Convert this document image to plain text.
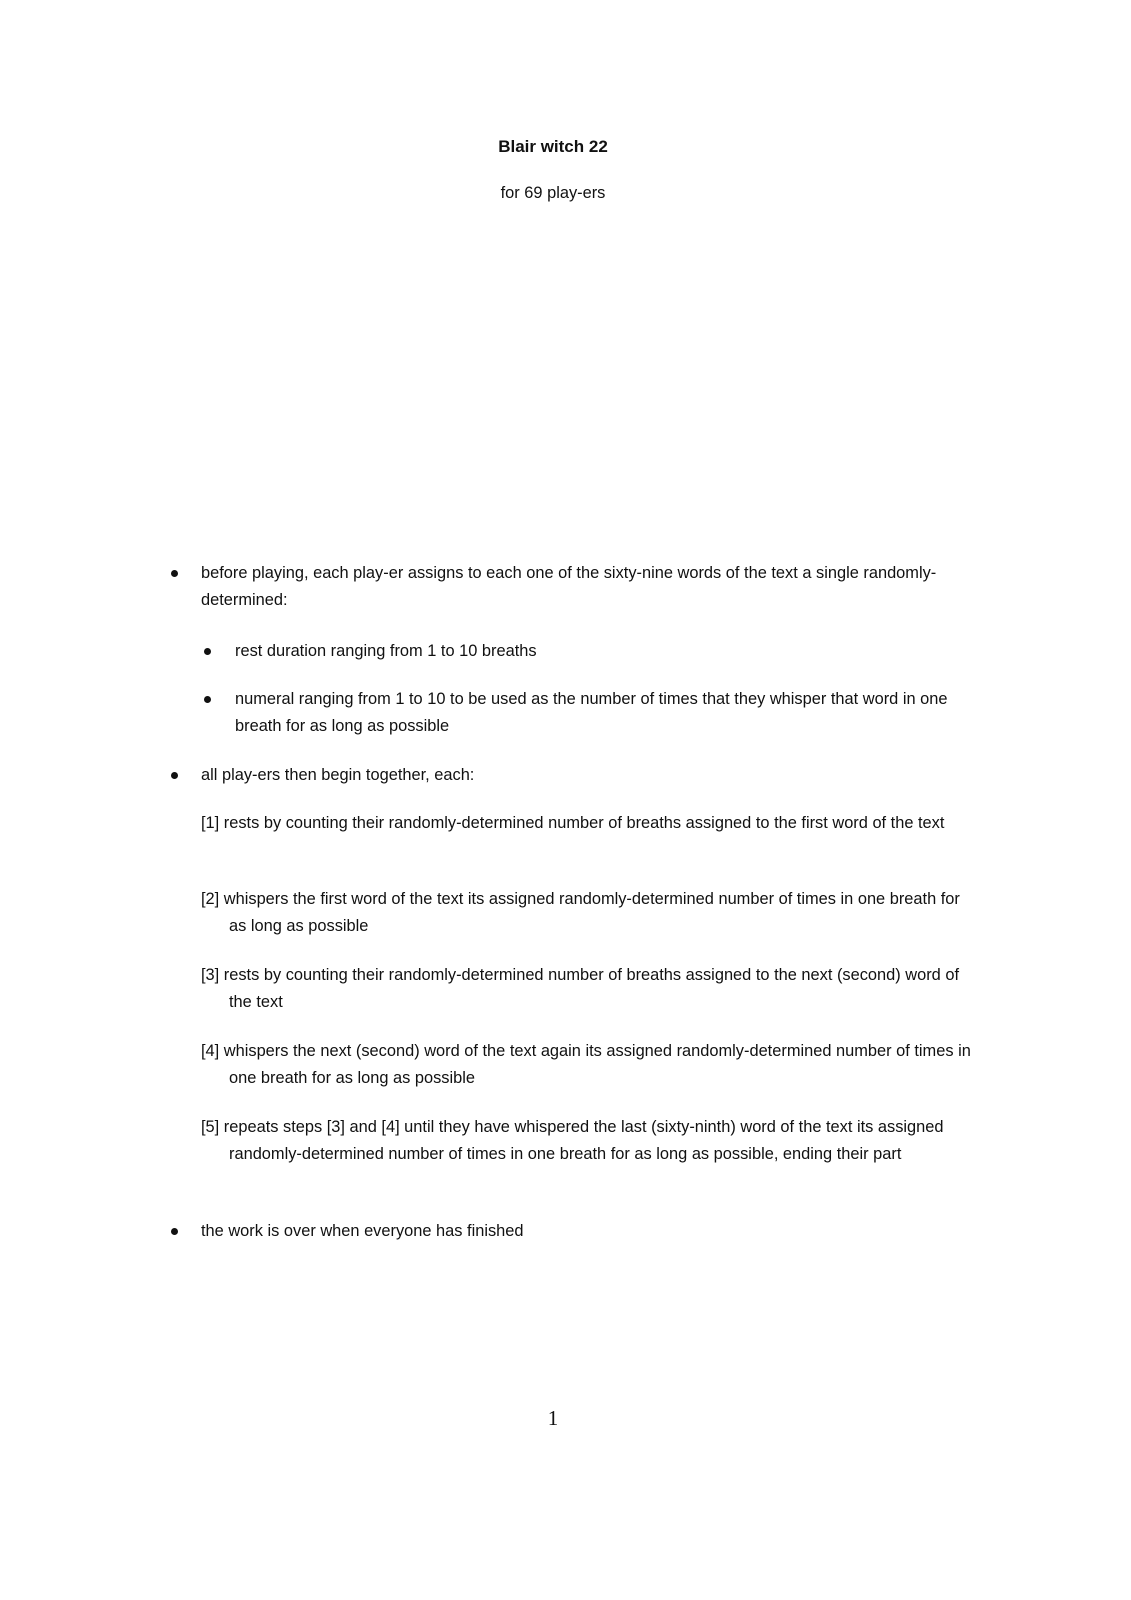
Blair witch 22
for 69 play-ers
before playing, each play-er assigns to each one of the sixty-nine words of the text a single randomly-determined:
rest duration ranging from 1 to 10 breaths
numeral ranging from 1 to 10 to be used as the number of times that they whisper that word in one breath for as long as possible
all play-ers then begin together, each:
[1] rests by counting their randomly-determined number of breaths assigned to the first word of the text
[2] whispers the first word of the text its assigned randomly-determined number of times in one breath for as long as possible
[3] rests by counting their randomly-determined number of breaths assigned to the next (second) word of the text
[4] whispers the next (second) word of the text again its assigned randomly-determined number of times in one breath for as long as possible
[5] repeats steps [3] and [4] until they have whispered the last (sixty-ninth) word of the text its assigned randomly-determined number of times in one breath for as long as possible, ending their part
the work is over when everyone has finished
1
